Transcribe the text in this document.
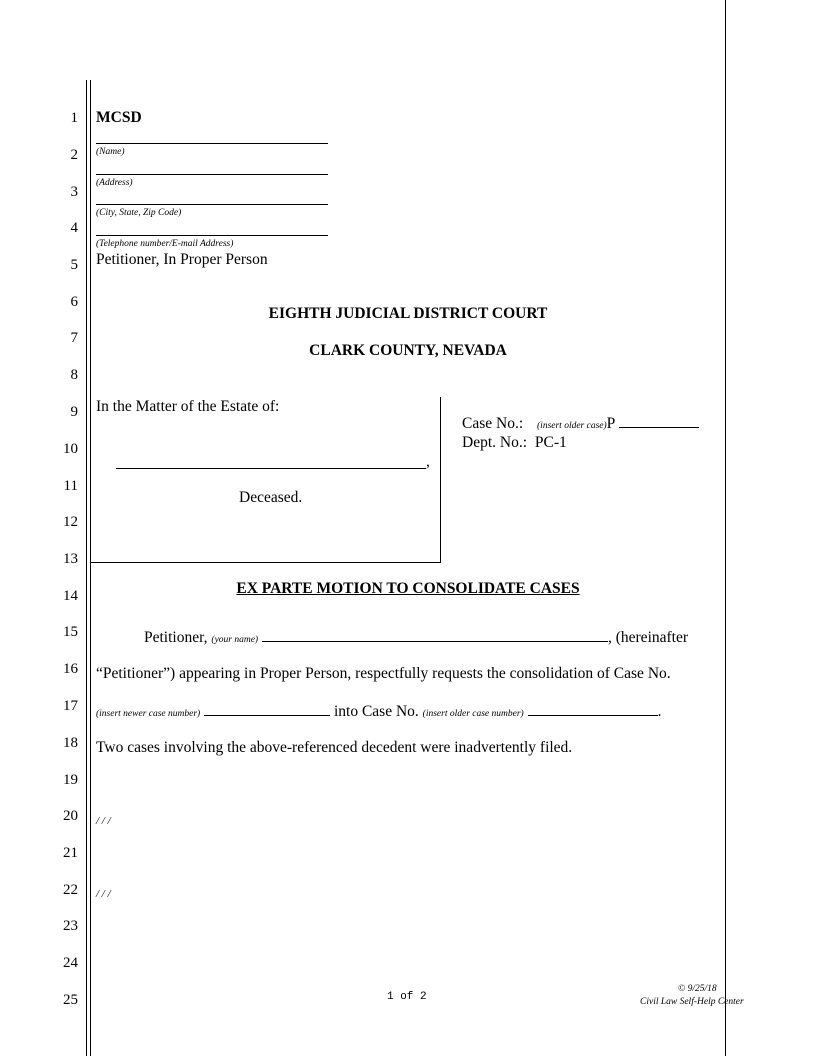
1
2
3
4
5
6
7
8
9
10
11
12
13
14
15
16
17
18
19
20
21
22
23
24
25
MCSD
(Name)
(Address)
(City, State, Zip Code)
(Telephone number/E-mail Address)
Petitioner, In Proper Person
EIGHTH JUDICIAL DISTRICT COURT
CLARK COUNTY, NEVADA
In the Matter of the Estate of:
,
Deceased.
Case No.: (insert older case)P
Dept. No.: PC-1
EX PARTE MOTION TO CONSOLIDATE CASES
Petitioner, (your name)	, (hereinafter
“Petitioner”) appearing in Proper Person, respectfully requests the consolidation of Case No.
(insert newer case number)	into Case No. (insert older case number)	.
Two cases involving the above-referenced decedent were inadvertently filed.
/ / /
/ / /
1 of 2
© 9/25/18
Civil Law Self-Help Center
